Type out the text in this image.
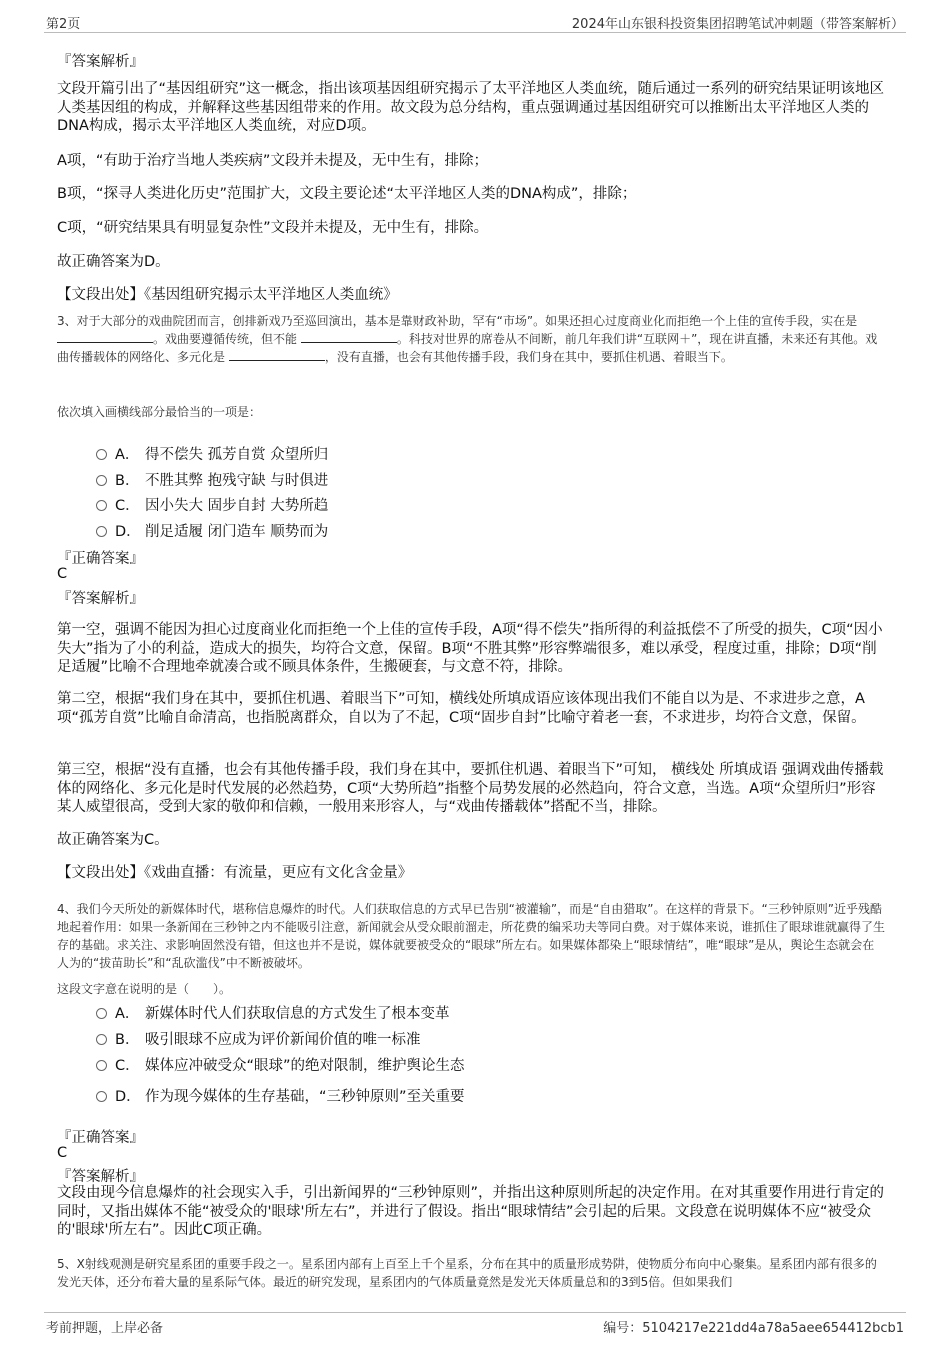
第2页	2024年山东银科投资集团招聘笔试冲刺题（带答案解析）
『答案解析』
文段开篇引出了“基因组研究”这一概念，指出该项基因组研究揭示了太平洋地区人类血统，随后通过一系列的研究结果证明该地区人类基因组的构成，并解释这些基因组带来的作用。故文段为总分结构，重点强调通过基因组研究可以推断出太平洋地区人类的DNA构成，揭示太平洋地区人类血统，对应D项。
A项，“有助于治疗当地人类疾病”文段并未提及，无中生有，排除；
B项，“探寻人类进化历史”范围扩大，文段主要论述“太平洋地区人类的DNA构成”，排除；
C项，“研究结果具有明显复杂性”文段并未提及，无中生有，排除。
故正确答案为D。
【文段出处】《基因组研究揭示太平洋地区人类血统》
3、对于大部分的戏曲院团而言，创排新戏乃至巡回演出，基本是靠财政补助，罕有“市场”。如果还担心过度商业化而拒绝一个上佳的宣传手段，实在是 。戏曲要遵循传统，但不能	。科技对世界的席卷从不间断，前几年我们讲“互联网＋”，现在讲直播，未来还有其他。戏曲传播载体的网络化、多元化是	，没有直播，也会有其他传播手段，我们身在其中，要抓住机遇、着眼当下。
依次填入画横线部分最恰当的一项是：
A． 得不偿失 孤芳自赏 众望所归
B． 不胜其弊 抱残守缺 与时俱进
C． 因小失大 固步自封 大势所趋
D． 削足适履 闭门造车 顺势而为
『正确答案』
C
『答案解析』
第一空，强调不能因为担心过度商业化而拒绝一个上佳的宣传手段，A项“得不偿失”指所得的利益抵偿不了所受的损失，C项“因小失大”指为了小的利益，造成大的损失，均符合文意，保留。B项“不胜其弊”形容弊端很多，难以承受，程度过重，排除；D项“削足适履”比喻不合理地牵就凑合或不顾具体条件，生搬硬套，与文意不符，排除。
第二空，根据“我们身在其中，要抓住机遇、着眼当下”可知，横线处所填成语应该体现出我们不能自以为是、不求进步之意，A项“孤芳自赏”比喻自命清高，也指脱离群众，自以为了不起，C项“固步自封”比喻守着老一套，不求进步，均符合文意，保留。
第三空，根据“没有直播，也会有其他传播手段，我们身在其中，要抓住机遇、着眼当下”可知， 横线处 所填成语 强调戏曲传播载体的网络化、多元化是时代发展的必然趋势，C项“大势所趋”指整个局势发展的必然趋向，符合文意，当选。A项“众望所归”形容某人威望很高，受到大家的敬仰和信赖，一般用来形容人，与“戏曲传播载体”搭配不当，排除。
故正确答案为C。
【文段出处】《戏曲直播：有流量，更应有文化含金量》
4、我们今天所处的新媒体时代，堪称信息爆炸的时代。人们获取信息的方式早已告别“被灌输”，而是“自由猎取”。在这样的背景下。“三秒钟原则”近乎残酷地起着作用：如果一条新闻在三秒钟之内不能吸引注意，新闻就会从受众眼前溜走，所花费的编采功夫等同白费。对于媒体来说，谁抓住了眼球谁就赢得了生存的基础。求关注、求影响固然没有错，但这也并不是说，媒体就要被受众的“眼球”所左右。如果媒体都染上“眼球情结”，唯“眼球”是从，舆论生态就会在人为的“拔苗助长”和“乱砍滥伐”中不断被破坏。
这段文字意在说明的是（　　）。
A． 新媒体时代人们获取信息的方式发生了根本变革
B． 吸引眼球不应成为评价新闻价值的唯一标准
C． 媒体应冲破受众“眼球”的绝对限制，维护舆论生态
D． 作为现今媒体的生存基础，“三秒钟原则”至关重要
『正确答案』
C
『答案解析』
文段由现今信息爆炸的社会现实入手，引出新闻界的“三秒钟原则”，并指出这种原则所起的决定作用。在对其重要作用进行肯定的同时，又指出媒体不能“被受众的'眼球'所左右”，并进行了假设。指出“眼球情结”会引起的后果。文段意在说明媒体不应“被受众的'眼球'所左右”。因此C项正确。
5、X射线观测是研究星系团的重要手段之一。星系团内部有上百至上千个星系，分布在其中的质量形成势阱，使物质分布向中心聚集。星系团内部有很多的发光天体，还分布着大量的星系际气体。最近的研究发现，星系团内的气体质量竟然是发光天体质量总和的3到5倍。但如果我们
考前押题，上岸必备	编号：5104217e221dd4a78a5aee654412bcb1
